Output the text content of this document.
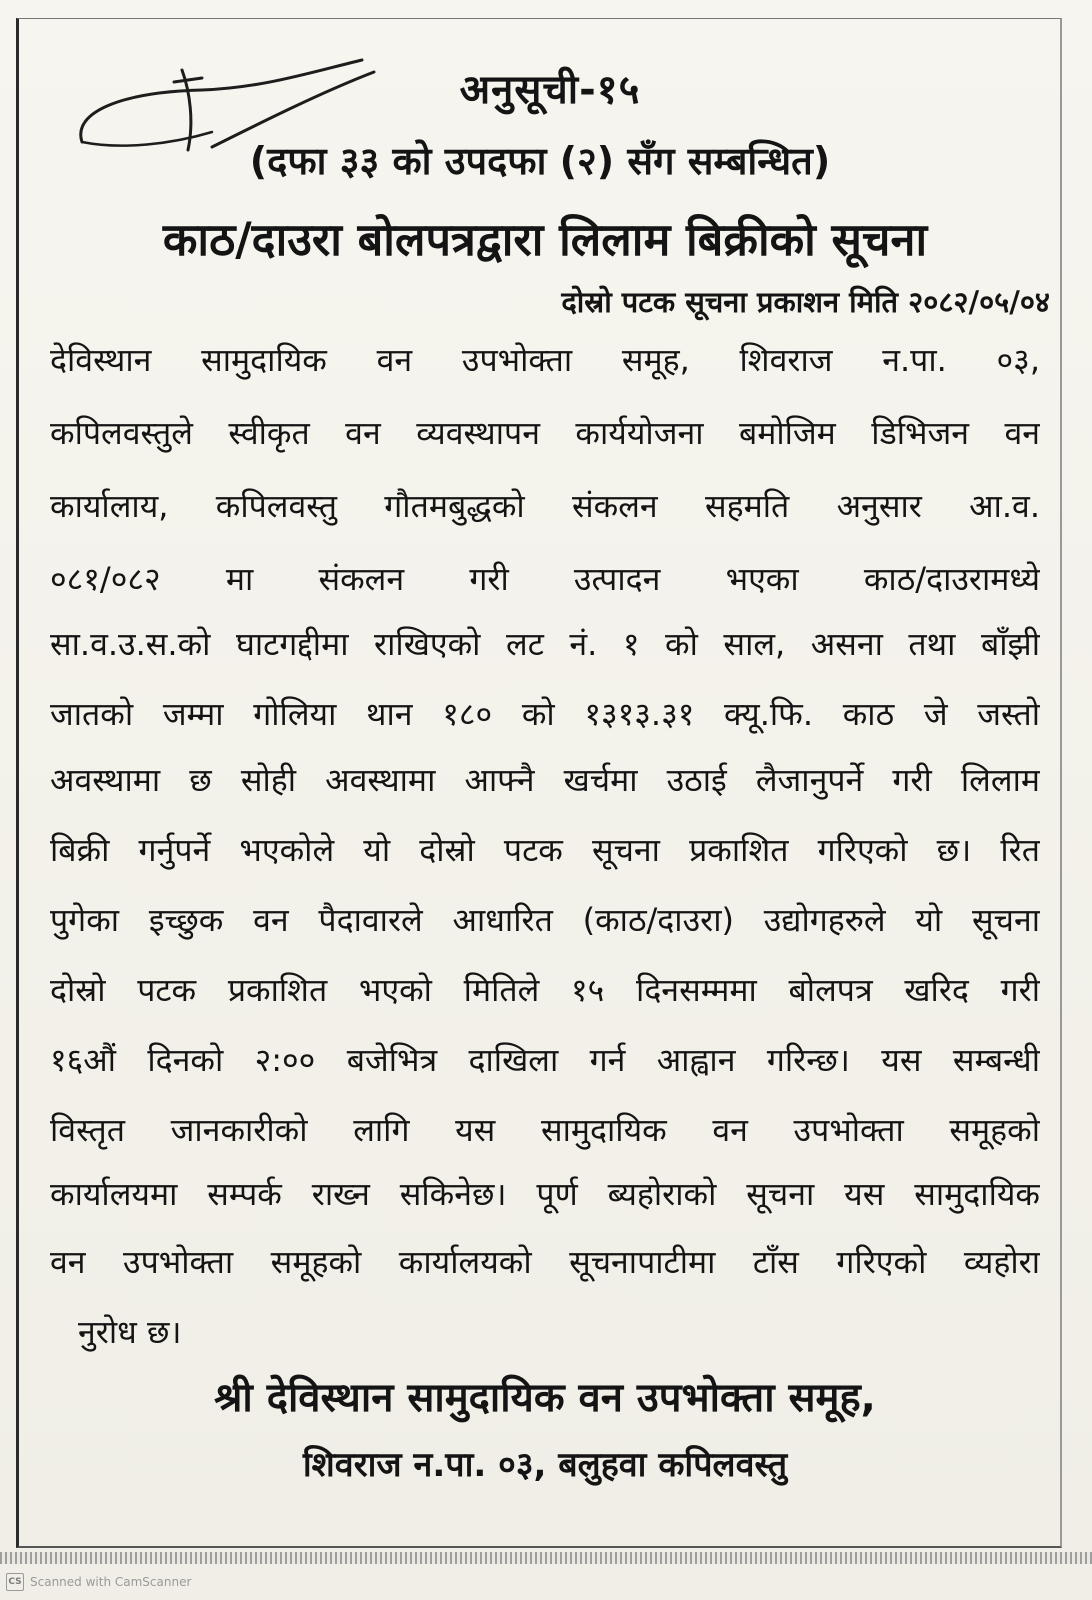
अनुसूची-१५
(दफा ३३ को उपदफा (२) सँग सम्बन्धित)
काठ/दाउरा बोलपत्रद्वारा लिलाम बिक्रीको सूचना
दोस्रो पटक सूचना प्रकाशन मिति २०८२/०५/०४
देविस्थान सामुदायिक वन उपभोक्ता समूह, शिवराज न.पा. ०३,
कपिलवस्तुले स्वीकृत वन व्यवस्थापन कार्ययोजना बमोजिम डिभिजन वन
कार्यालाय, कपिलवस्तु गौतमबुद्धको संकलन सहमति अनुसार आ.व.
०८१/०८२ मा संकलन गरी उत्पादन भएका काठ/दाउरामध्ये
सा.व.उ.स.को घाटगद्दीमा राखिएको लट नं. १ को साल, असना तथा बाँझी
जातको जम्मा गोलिया थान १८० को १३१३.३१ क्यू.फि. काठ जे जस्तो
अवस्थामा छ सोही अवस्थामा आफ्नै खर्चमा उठाई लैजानुपर्ने गरी लिलाम
बिक्री गर्नुपर्ने भएकोले यो दोस्रो पटक सूचना प्रकाशित गरिएको छ। रित
पुगेका इच्छुक वन पैदावारले आधारित (काठ/दाउरा) उद्योगहरुले यो सूचना
दोस्रो पटक प्रकाशित भएको मितिले १५ दिनसम्ममा बोलपत्र खरिद गरी
१६औं दिनको २:०० बजेभित्र दाखिला गर्न आह्वान गरिन्छ। यस सम्बन्धी
विस्तृत जानकारीको लागि यस सामुदायिक वन उपभोक्ता समूहको
कार्यालयमा सम्पर्क राख्न सकिनेछ। पूर्ण ब्यहोराको सूचना यस सामुदायिक
वन उपभोक्ता समूहको कार्यालयको सूचनापाटीमा टाँस गरिएको व्यहोरा
नुरोध छ।
श्री देविस्थान सामुदायिक वन उपभोक्ता समूह,
शिवराज न.पा. ०३, बलुहवा कपिलवस्तु
CS Scanned with CamScanner
